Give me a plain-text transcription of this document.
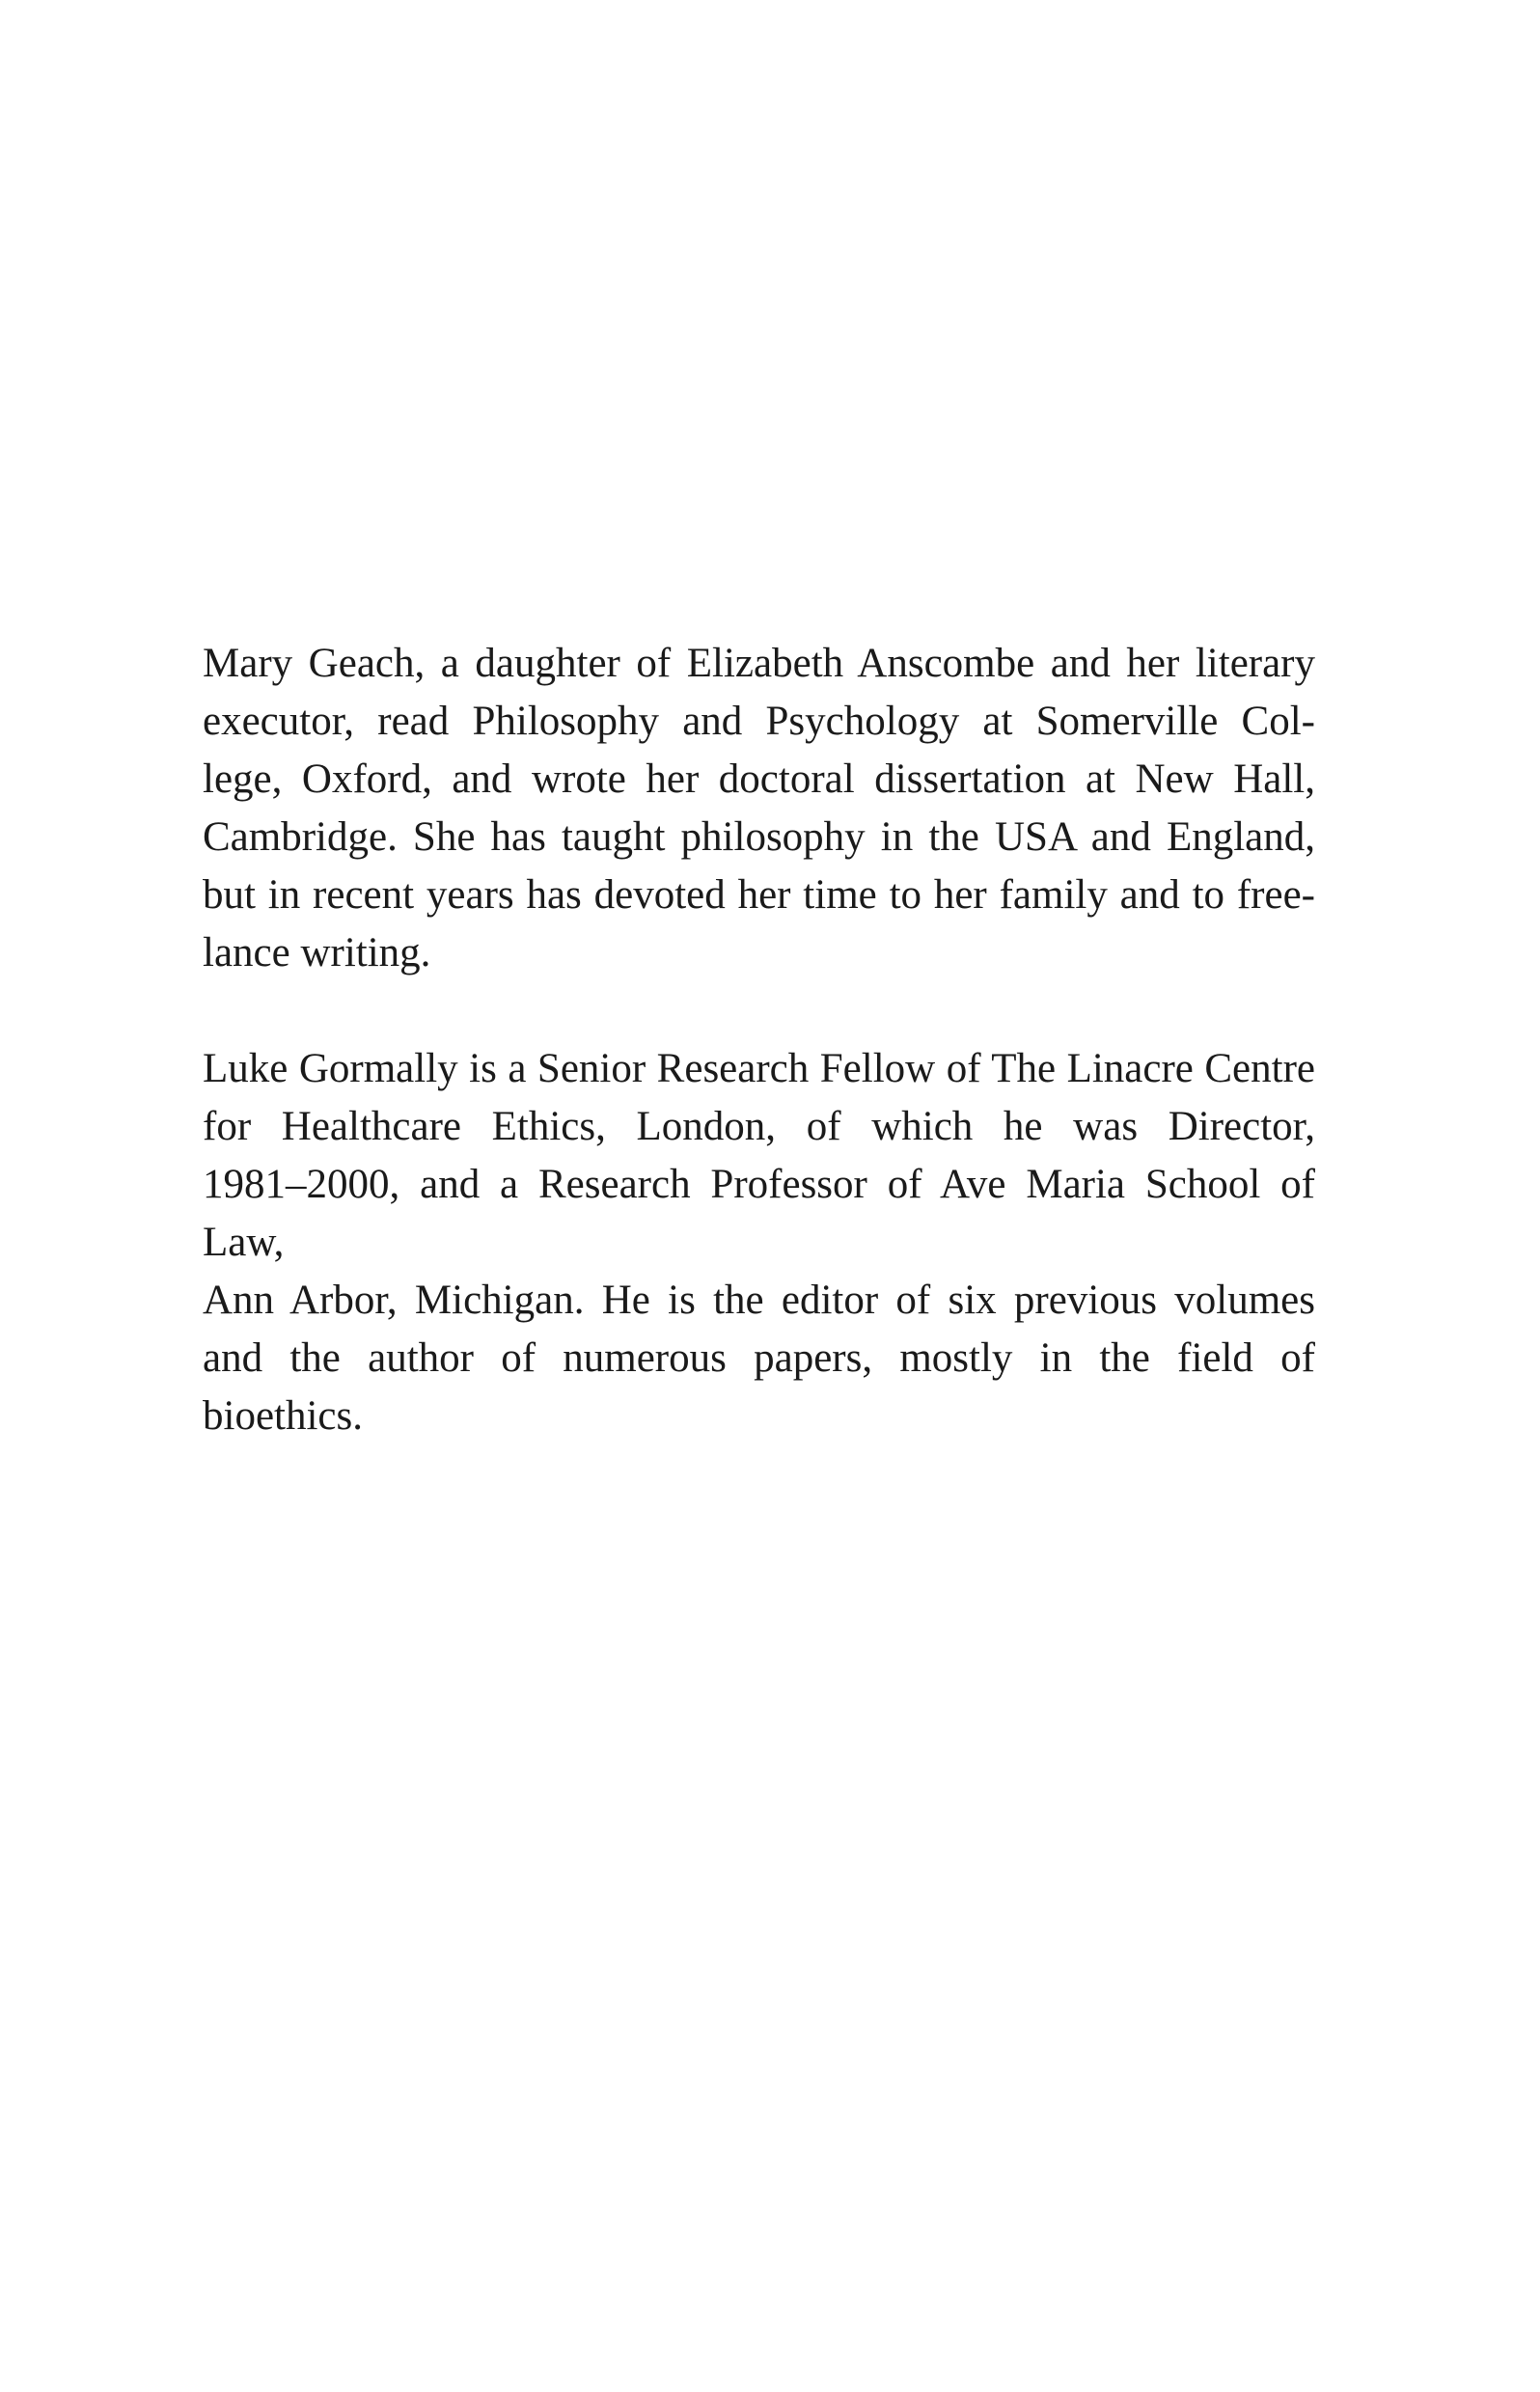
Mary Geach, a daughter of Elizabeth Anscombe and her literary
executor, read Philosophy and Psychology at Somerville Col-
lege, Oxford, and wrote her doctoral dissertation at New Hall,
Cambridge. She has taught philosophy in the USA and England,
but in recent years has devoted her time to her family and to free-
lance writing.

Luke Gormally is a Senior Research Fellow of The Linacre Centre
for Healthcare Ethics, London, of which he was Director,
1981–2000, and a Research Professor of Ave Maria School of Law,
Ann Arbor, Michigan. He is the editor of six previous volumes
and the author of numerous papers, mostly in the field of
bioethics.
